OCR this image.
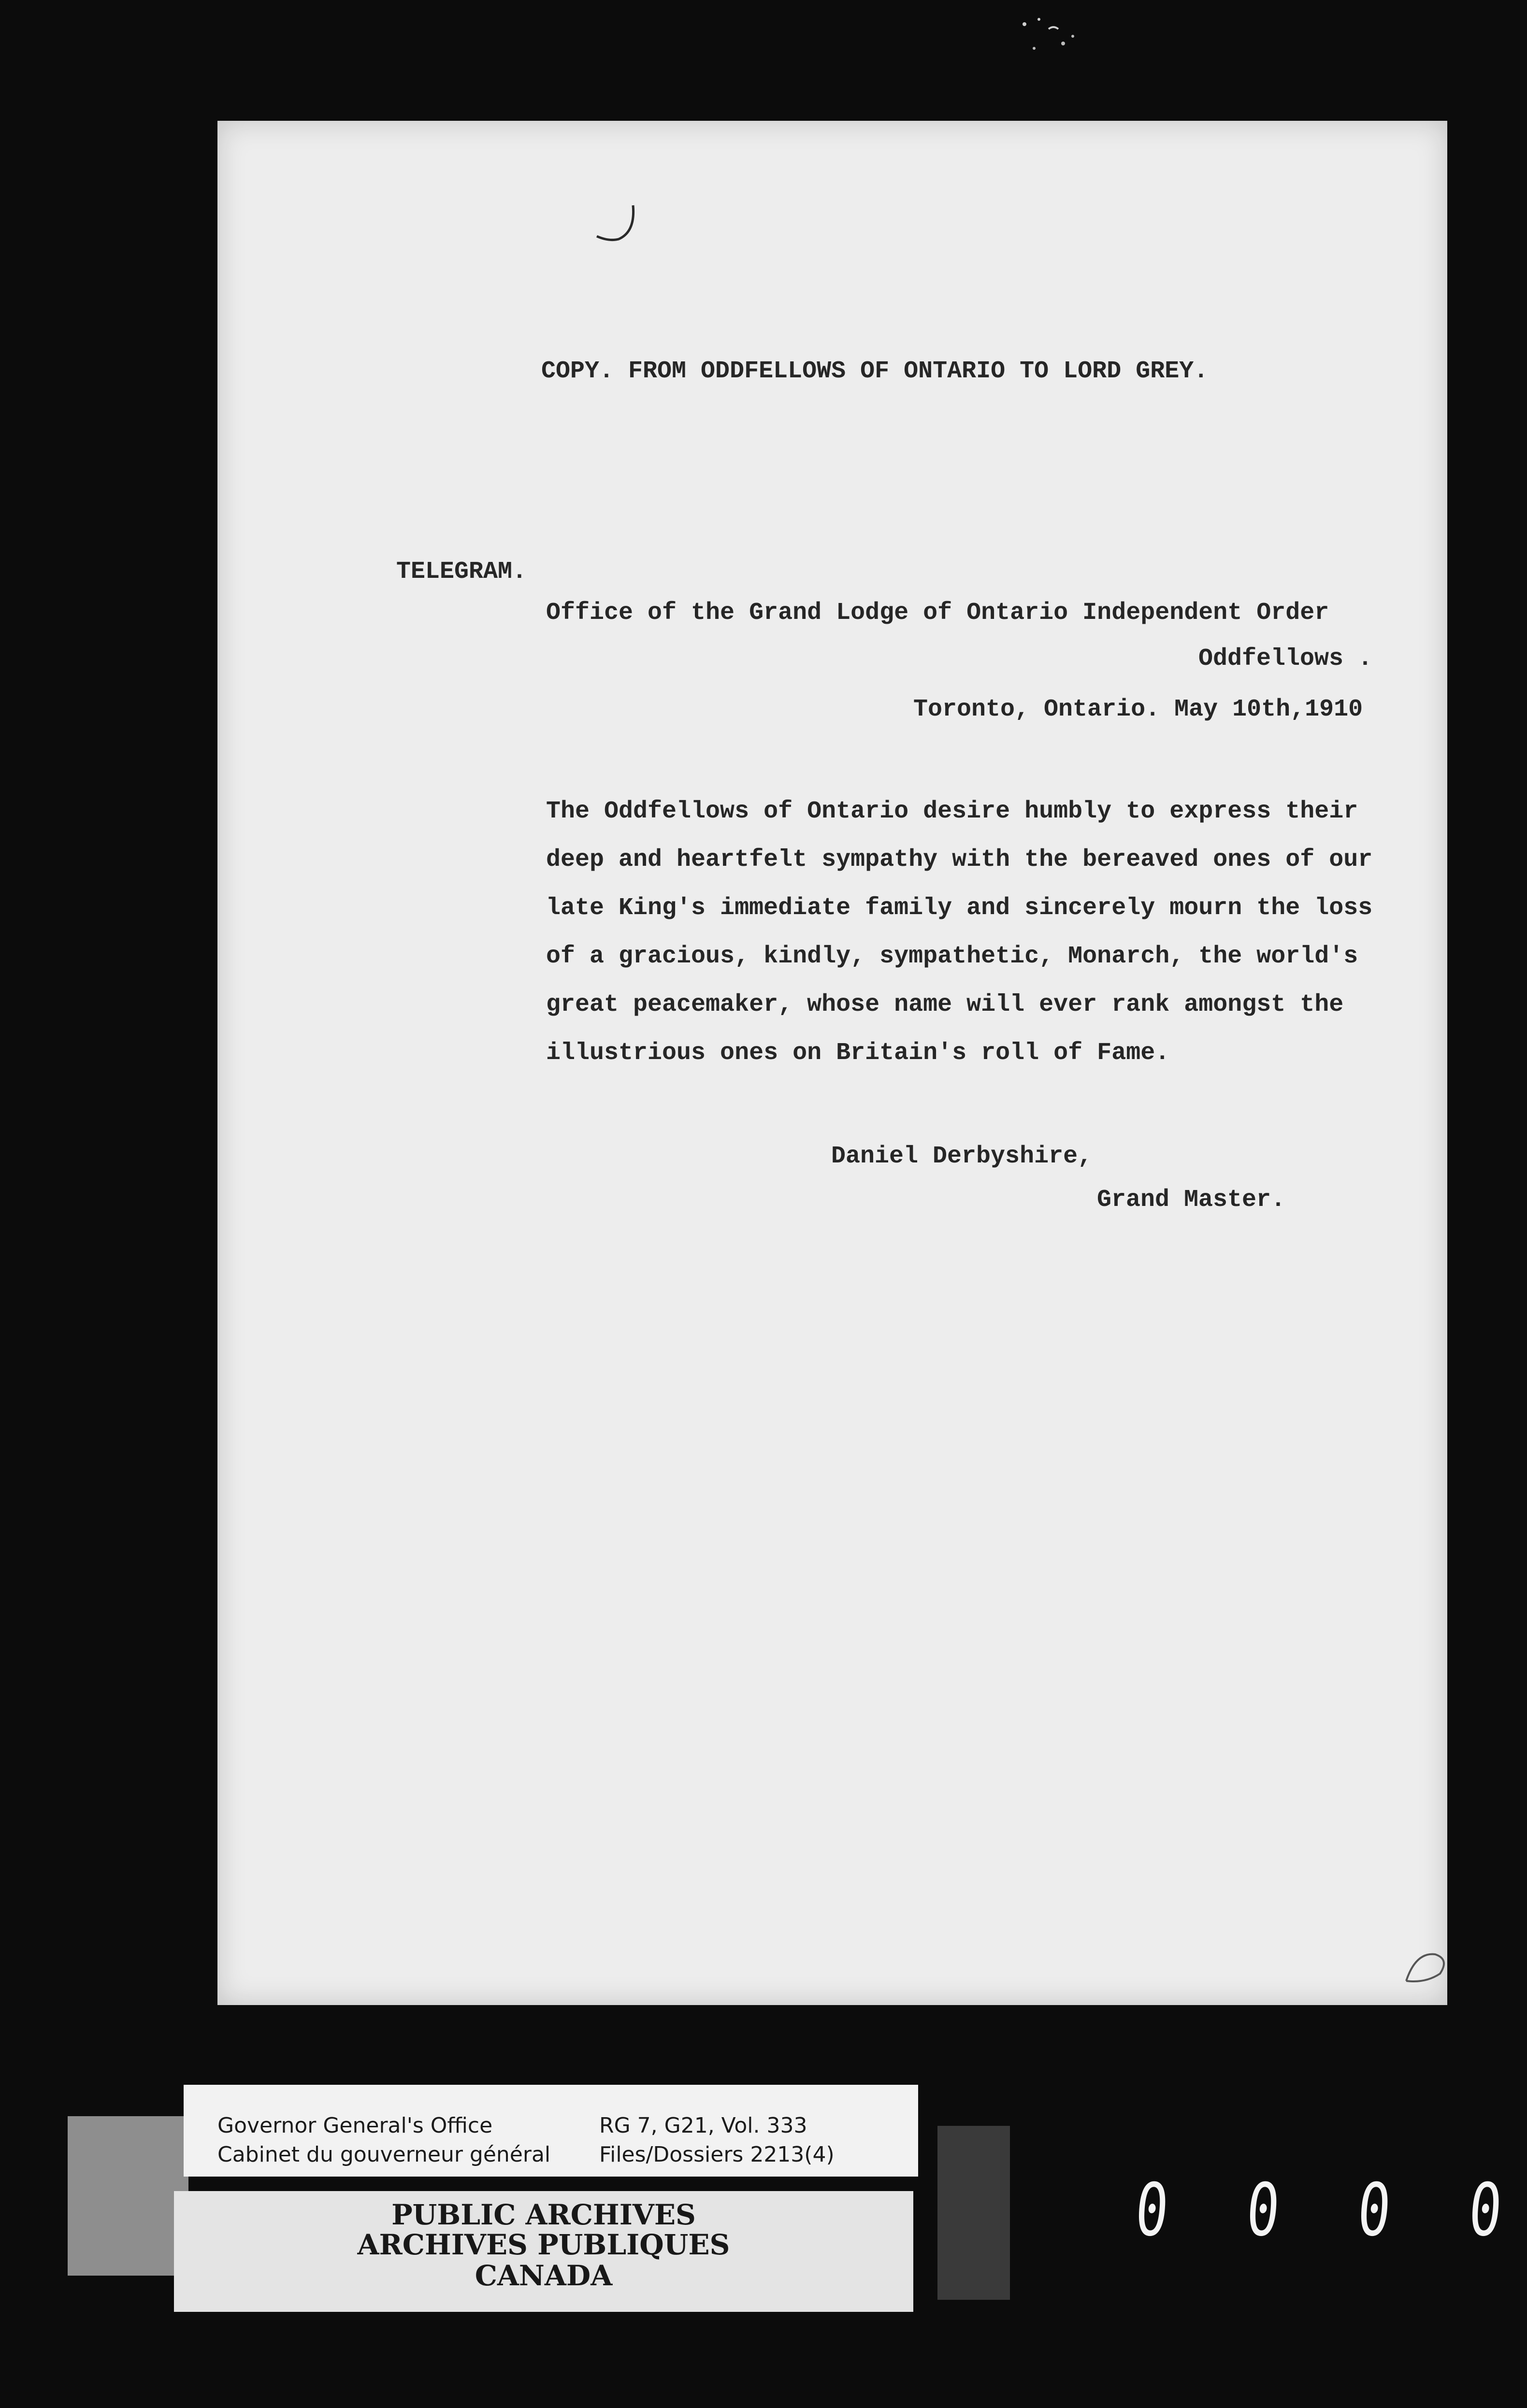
COPY. FROM ODDFELLOWS OF ONTARIO TO LORD GREY.

TELEGRAM.

Office of the Grand Lodge of Ontario Independent Order

Oddfellows .

Toronto, Ontario. May 10th,1910

The Oddfellows of Ontario desire humbly to express their
deep and heartfelt sympathy with the bereaved ones of our
late King's immediate family and sincerely mourn the loss
of a gracious, kindly, sympathetic, Monarch, the world's
great peacemaker, whose name will ever rank amongst the
illustrious ones on Britain's roll of Fame.

Daniel Derbyshire,

Grand Master.

Governor General's Office
Cabinet du gouverneur général
RG 7, G21, Vol. 333
Files/Dossiers 2213(4)

PUBLIC ARCHIVES

ARCHIVES PUBLIQUES

CANADA

0 0 0 0
